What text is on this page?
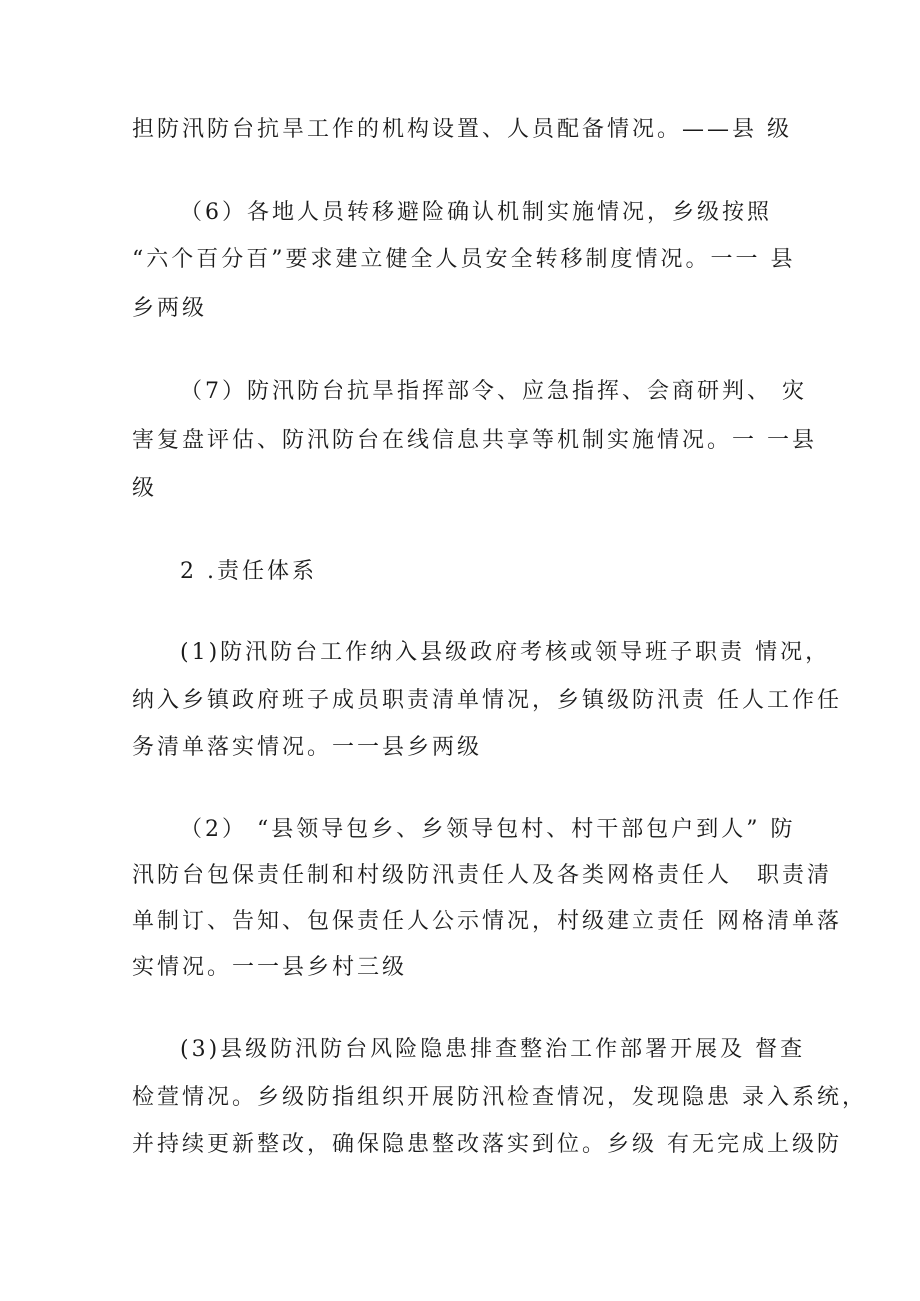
担防汛防台抗旱工作的机构设置、人员配备情况。——县 级

（6）各地人员转移避险确认机制实施情况，乡级按照

“六个百分百”要求建立健全人员安全转移制度情况。一一 县

乡两级

（7）防汛防台抗旱指挥部令、应急指挥、会商研判、 灾

害复盘评估、防汛防台在线信息共享等机制实施情况。一 一县

级

2 .责任体系

(1)防汛防台工作纳入县级政府考核或领导班子职责 情况，

纳入乡镇政府班子成员职责清单情况，乡镇级防汛责 任人工作任

务清单落实情况。一一县乡两级

（2） “县领导包乡、乡领导包村、村干部包户到人” 防

汛防台包保责任制和村级防汛责任人及各类网格责任人　职责清

单制订、告知、包保责任人公示情况，村级建立责任 网格清单落

实情况。一一县乡村三级

(3)县级防汛防台风险隐患排查整治工作部署开展及 督查

检萱情况。乡级防指组织开展防汛检查情况，发现隐患 录入系统，

并持续更新整改，确保隐患整改落实到位。乡级 有无完成上级防
